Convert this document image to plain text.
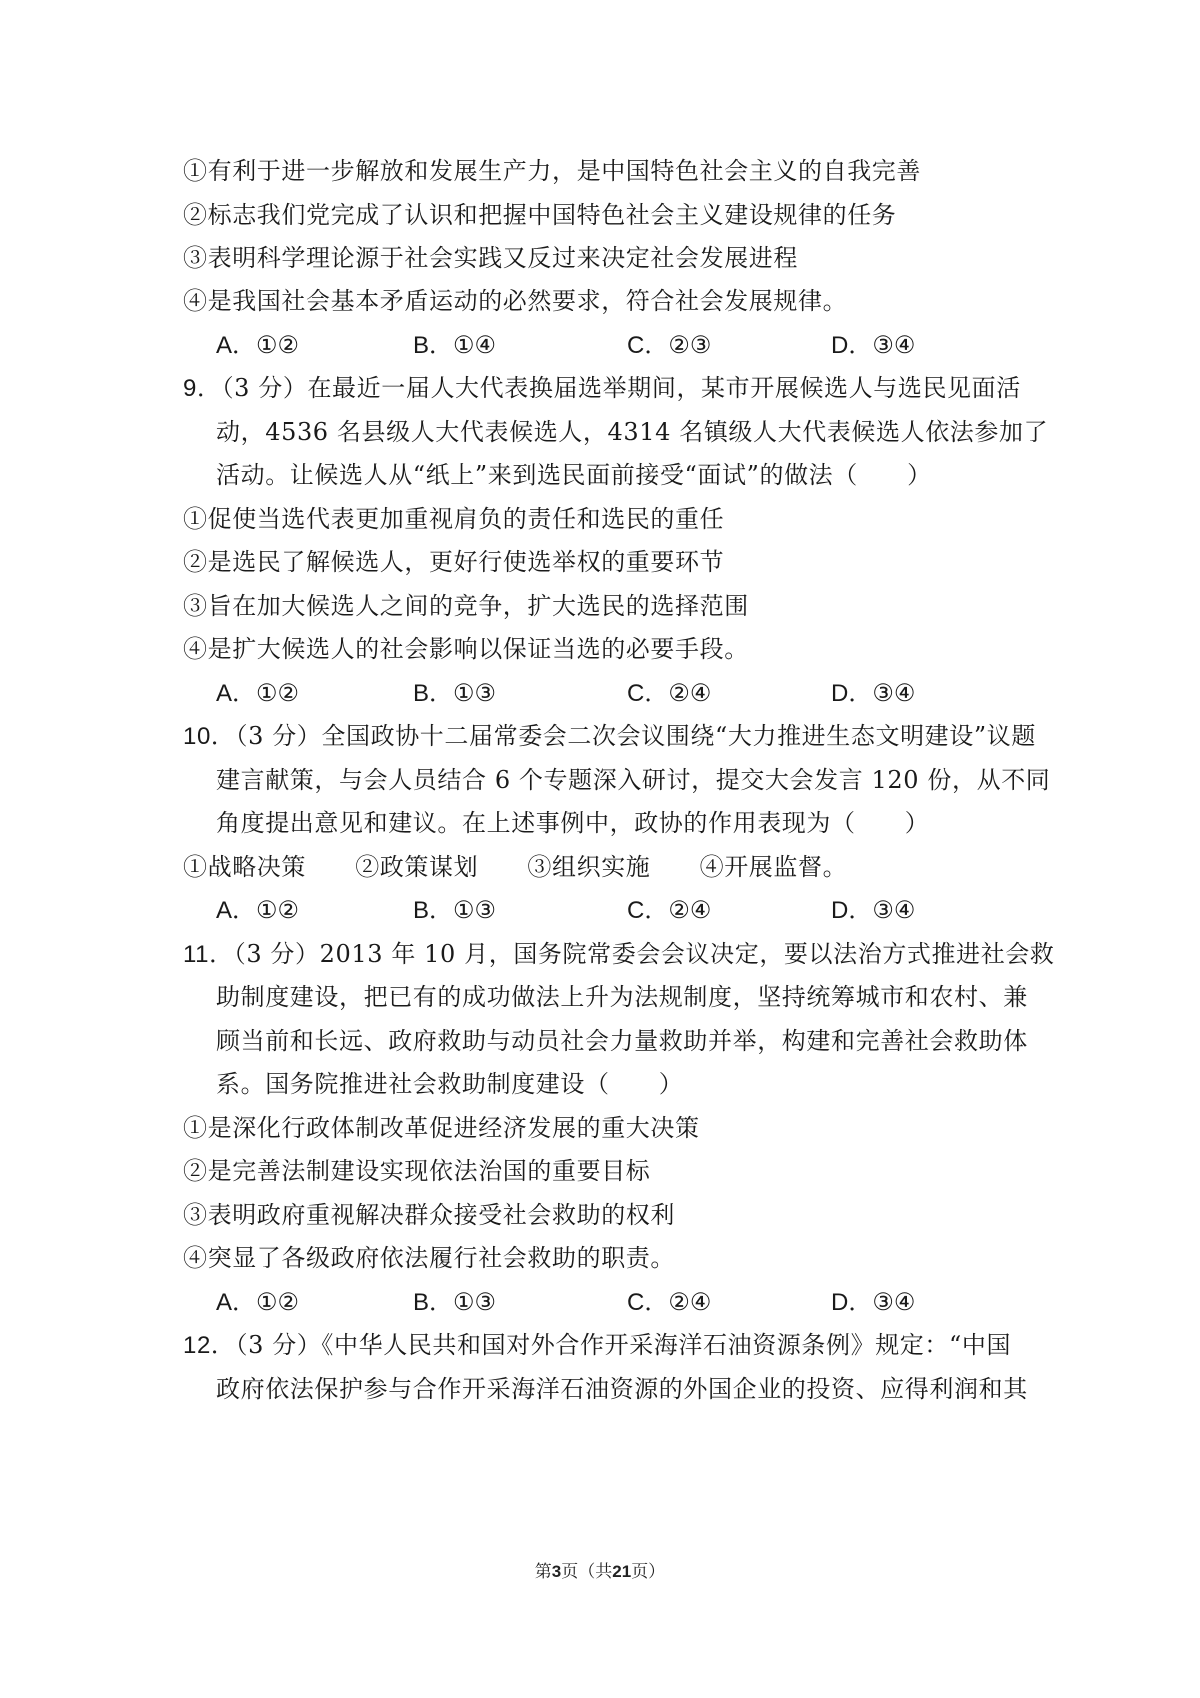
①有利于进一步解放和发展生产力，是中国特色社会主义的自我完善
②标志我们党完成了认识和把握中国特色社会主义建设规律的任务
③表明科学理论源于社会实践又反过来决定社会发展进程
④是我国社会基本矛盾运动的必然要求，符合社会发展规律。
A．①②	B．①④	C．②③	D．③④
9．（3 分）在最近一届人大代表换届选举期间，某市开展候选人与选民见面活
动，4536 名县级人大代表候选人，4314 名镇级人大代表候选人依法参加了
活动。让候选人从“纸上”来到选民面前接受“面试”的做法（　　）
①促使当选代表更加重视肩负的责任和选民的重任
②是选民了解候选人，更好行使选举权的重要环节
③旨在加大候选人之间的竞争，扩大选民的选择范围
④是扩大候选人的社会影响以保证当选的必要手段。
A．①②	B．①③	C．②④	D．③④
10．（3 分）全国政协十二届常委会二次会议围绕“大力推进生态文明建设”议题
建言献策，与会人员结合 6 个专题深入研讨，提交大会发言 120 份，从不同
角度提出意见和建议。在上述事例中，政协的作用表现为（　　）
①战略决策　　②政策谋划　　③组织实施　　④开展监督。
A．①②	B．①③	C．②④	D．③④
11．（3 分）2013 年 10 月，国务院常委会会议决定，要以法治方式推进社会救
助制度建设，把已有的成功做法上升为法规制度，坚持统筹城市和农村、兼
顾当前和长远、政府救助与动员社会力量救助并举，构建和完善社会救助体
系。国务院推进社会救助制度建设（　　）
①是深化行政体制改革促进经济发展的重大决策
②是完善法制建设实现依法治国的重要目标
③表明政府重视解决群众接受社会救助的权利
④突显了各级政府依法履行社会救助的职责。
A．①②	B．①③	C．②④	D．③④
12．（3 分）《中华人民共和国对外合作开采海洋石油资源条例》规定：“中国
政府依法保护参与合作开采海洋石油资源的外国企业的投资、应得利润和其
第3页（共21页）
